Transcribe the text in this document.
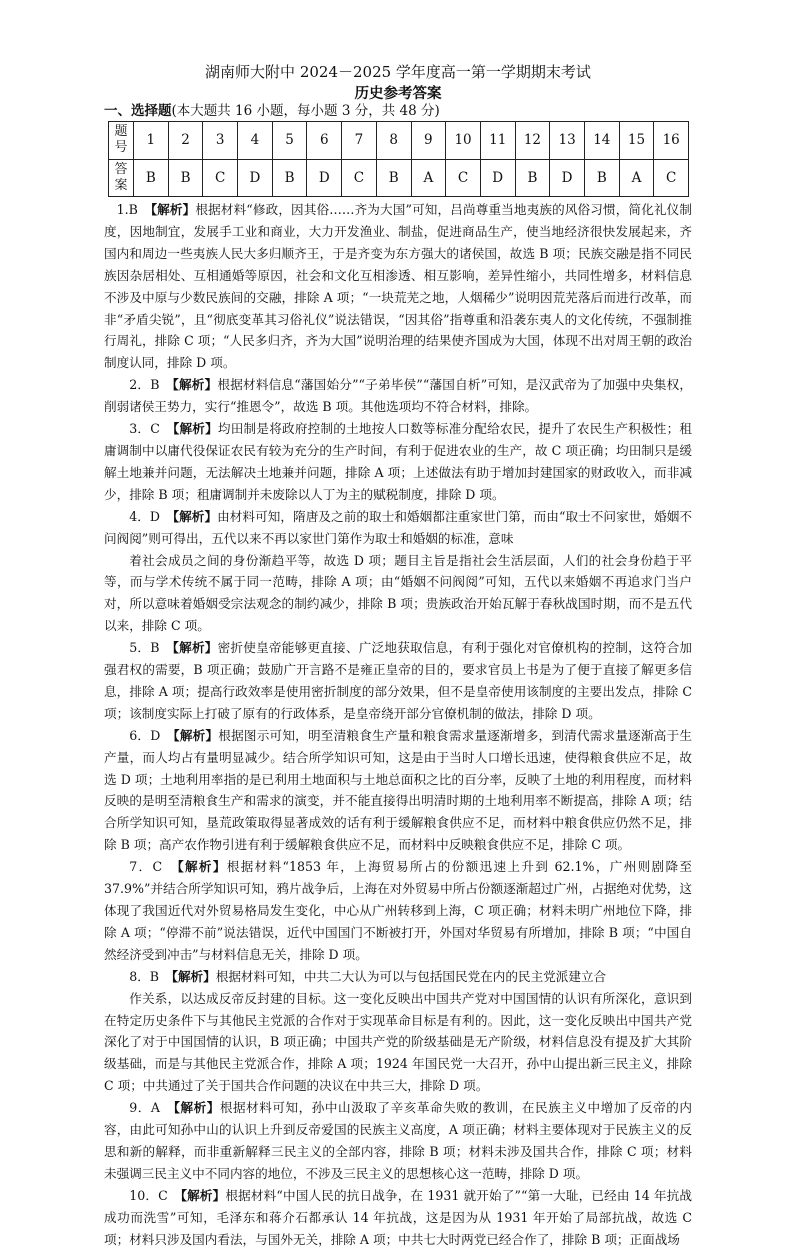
湖南师大附中 2024－2025 学年度高一第一学期期末考试
历史参考答案
一、选择题(本大题共 16 小题，每小题 3 分，共 48 分)
题号	1	2	3	4	5	6	7	8	9	10	11	12	13	14	15	16
答案	B	B	C	D	B	D	C	B	A	C	D	B	D	B	A	C

1.B　 【解析】根据材料“修政，因其俗……齐为大国”可知，吕尚尊重当地夷族的风俗习惯，简化礼仪制度，因地制宜，发展手工业和商业，大力开发渔业、制盐，促进商品生产，使当地经济很快发展起来，齐国内和周边一些夷族人民大多归顺齐王，于是齐变为东方强大的诸侯国，故选 B 项；民族交融是指不同民族因杂居相处、互相通婚等原因，社会和文化互相渗透、相互影响，差异性缩小，共同性增多，材料信息不涉及中原与少数民族间的交融，排除 A 项；“一块荒芜之地，人烟稀少”说明因荒芜落后而进行改革，而非“矛盾尖锐”，且“彻底变革其习俗礼仪”说法错误，“因其俗”指尊重和沿袭东夷人的文化传统，不强制推行周礼，排除 C 项；“人民多归齐，齐为大国”说明治理的结果使齐国成为大国，体现不出对周王朝的政治制度认同，排除 D 项。

2．B　 【解析】根据材料信息“藩国始分”“子弟毕侯”“藩国自析”可知，是汉武帝为了加强中央集权，削弱诸侯王势力，实行“推恩令”，故选 B 项。其他选项均不符合材料，排除。

3．C　 【解析】均田制是将政府控制的土地按人口数等标准分配给农民，提升了农民生产积极性；租庸调制中以庸代役保证农民有较为充分的生产时间，有利于促进农业的生产，故 C 项正确；均田制只是缓解土地兼并问题，无法解决土地兼并问题，排除 A 项；上述做法有助于增加封建国家的财政收入，而非减少，排除 B 项；租庸调制并未废除以人丁为主的赋税制度，排除 D 项。

4．D　 【解析】由材料可知，隋唐及之前的取士和婚姻都注重家世门第，而由“取士不问家世，婚姻不问阀阅”则可得出，五代以来不再以家世门第作为取士和婚姻的标准，意味

着社会成员之间的身份渐趋平等，故选 D 项；题目主旨是指社会生活层面，人们的社会身份趋于平等，而与学术传统不属于同一范畴，排除 A 项；由“婚姻不问阀阅”可知，五代以来婚姻不再追求门当户对，所以意味着婚姻受宗法观念的制约减少，排除 B 项；贵族政治开始瓦解于春秋战国时期，而不是五代以来，排除 C 项。

5．B　 【解析】密折使皇帝能够更直接、广泛地获取信息，有利于强化对官僚机构的控制，这符合加强君权的需要，B 项正确；鼓励广开言路不是雍正皇帝的目的，要求官员上书是为了便于直接了解更多信息，排除 A 项；提高行政效率是使用密折制度的部分效果，但不是皇帝使用该制度的主要出发点，排除 C 项；该制度实际上打破了原有的行政体系，是皇帝绕开部分官僚机制的做法，排除 D 项。

6．D　 【解析】根据图示可知，明至清粮食生产量和粮食需求量逐渐增多，到清代需求量逐渐高于生产量，而人均占有量明显减少。结合所学知识可知，这是由于当时人口增长迅速，使得粮食供应不足，故选 D 项；土地利用率指的是已利用土地面积与土地总面积之比的百分率，反映了土地的利用程度，而材料反映的是明至清粮食生产和需求的演变，并不能直接得出明清时期的土地利用率不断提高，排除 A 项；结合所学知识可知，垦荒政策取得显著成效的话有利于缓解粮食供应不足，而材料中粮食供应仍然不足，排除 B 项；高产农作物引进有利于缓解粮食供应不足，而材料中反映粮食供应不足，排除 C 项。

7．C　 【解析】根据材料“1853 年，上海贸易所占的份额迅速上升到 62.1%，广州则剧降至 37.9%”并结合所学知识可知，鸦片战争后，上海在对外贸易中所占份额逐渐超过广州，占据绝对优势，这体现了我国近代对外贸易格局发生变化，中心从广州转移到上海，C 项正确；材料未明广州地位下降，排除 A 项；“停滞不前”说法错误，近代中国国门不断被打开，外国对华贸易有所增加，排除 B 项；“中国自然经济受到冲击”与材料信息无关，排除 D 项。

8．B　 【解析】根据材料可知，中共二大认为可以与包括国民党在内的民主党派建立合

作关系，以达成反帝反封建的目标。这一变化反映出中国共产党对中国国情的认识有所深化，意识到在特定历史条件下与其他民主党派的合作对于实现革命目标是有利的。因此，这一变化反映出中国共产党深化了对于中国国情的认识，B 项正确；中国共产党的阶级基础是无产阶级，材料信息没有提及扩大其阶级基础，而是与其他民主党派合作，排除 A 项；1924 年国民党一大召开，孙中山提出新三民主义，排除 C 项；中共通过了关于国共合作问题的决议在中共三大，排除 D 项。

9．A　 【解析】根据材料可知，孙中山汲取了辛亥革命失败的教训，在民族主义中增加了反帝的内容，由此可知孙中山的认识上升到反帝爱国的民族主义高度，A 项正确；材料主要体现对于民族主义的反思和新的解释，而非重新解释三民主义的全部内容，排除 B 项；材料未涉及国共合作，排除 C 项；材料未强调三民主义中不同内容的地位，不涉及三民主义的思想核心这一范畴，排除 D 项。

10．C　 【解析】根据材料“中国人民的抗日战争，在 1931 就开始了”“第一大耻，已经由 14 年抗战成功而洗雪”可知，毛泽东和蒋介石都承认 14 年抗战，这是因为从 1931 年开始了局部抗战，故选 C 项；材料只涉及国内看法，与国外无关，排除 A 项；中共七大时两党已经合作了，排除 B 项；正面战场
